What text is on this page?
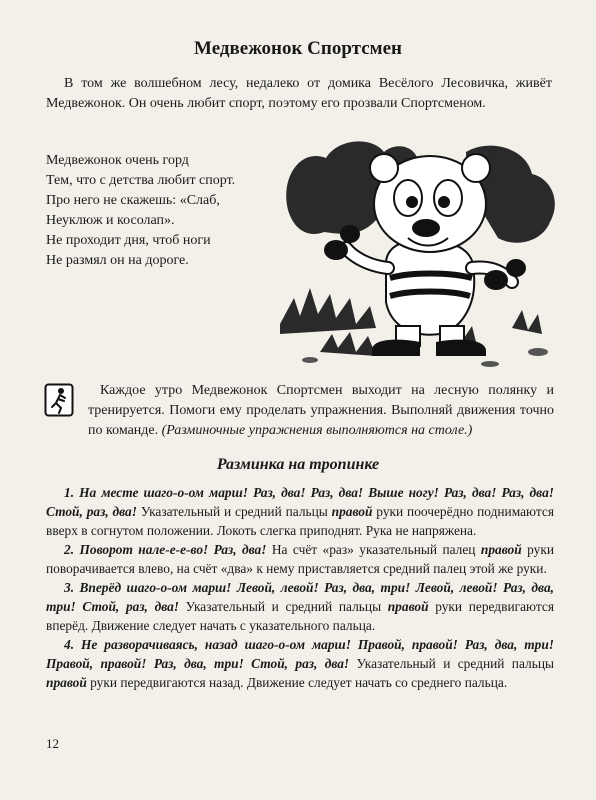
Медвежонок Спортсмен
В том же волшебном лесу, недалеко от домика Весёлого Лесовичка, живёт Медвежонок. Он очень любит спорт, поэтому его прозвали Спортсменом.
Медвежонок очень горд
Тем, что с детства любит спорт.
Про него не скажешь: «Слаб,
Неуклюж и косолап».
Не проходит дня, чтоб ноги
Не размял он на дороге.
Каждое утро Медвежонок Спортсмен выходит на лесную полянку и тренируется. Помоги ему проделать упражнения. Выполняй движения точно по команде. (Разминочные упражнения выполняются на столе.)
Разминка на тропинке

1. На месте шаго-о-ом марш! Раз, два! Раз, два! Выше ногу! Раз, два! Раз, два! Стой, раз, два! Указательный и средний пальцы правой руки поочерёдно поднимаются вверх в согнутом положении. Локоть слегка приподнят. Рука не напряжена.

2. Поворот нале-е-е-во! Раз, два! На счёт «раз» указательный палец правой руки поворачивается влево, на счёт «два» к нему приставляется средний палец этой же руки.

3. Вперёд шаго-о-ом марш! Левой, левой! Раз, два, три! Левой, левой! Раз, два, три! Стой, раз, два! Указательный и средний пальцы правой руки передвигаются вперёд. Движение следует начать с указательного пальца.

4. Не разворачиваясь, назад шаго-о-ом марш! Правой, правой! Раз, два, три! Правой, правой! Раз, два, три! Стой, раз, два! Указательный и средний пальцы правой руки передвигаются назад. Движение следует начать со среднего пальца.

12
